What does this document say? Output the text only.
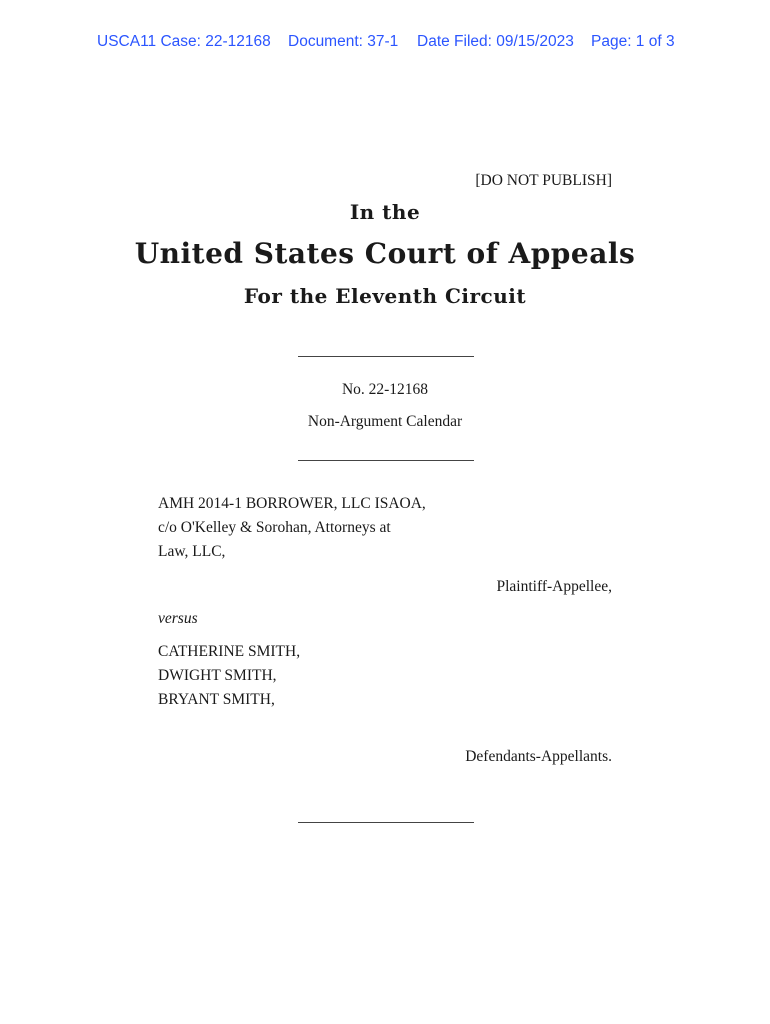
USCA11 Case: 22-12168	Document: 37-1	Date Filed: 09/15/2023	Page: 1 of 3
[DO NOT PUBLISH]
In the
United States Court of Appeals
For the Eleventh Circuit
No. 22-12168
Non-Argument Calendar
AMH 2014-1 BORROWER, LLC ISAOA,
c/o O'Kelley & Sorohan, Attorneys at
Law, LLC,
Plaintiff-Appellee,
versus
CATHERINE SMITH,
DWIGHT SMITH,
BRYANT SMITH,
Defendants-Appellants.
